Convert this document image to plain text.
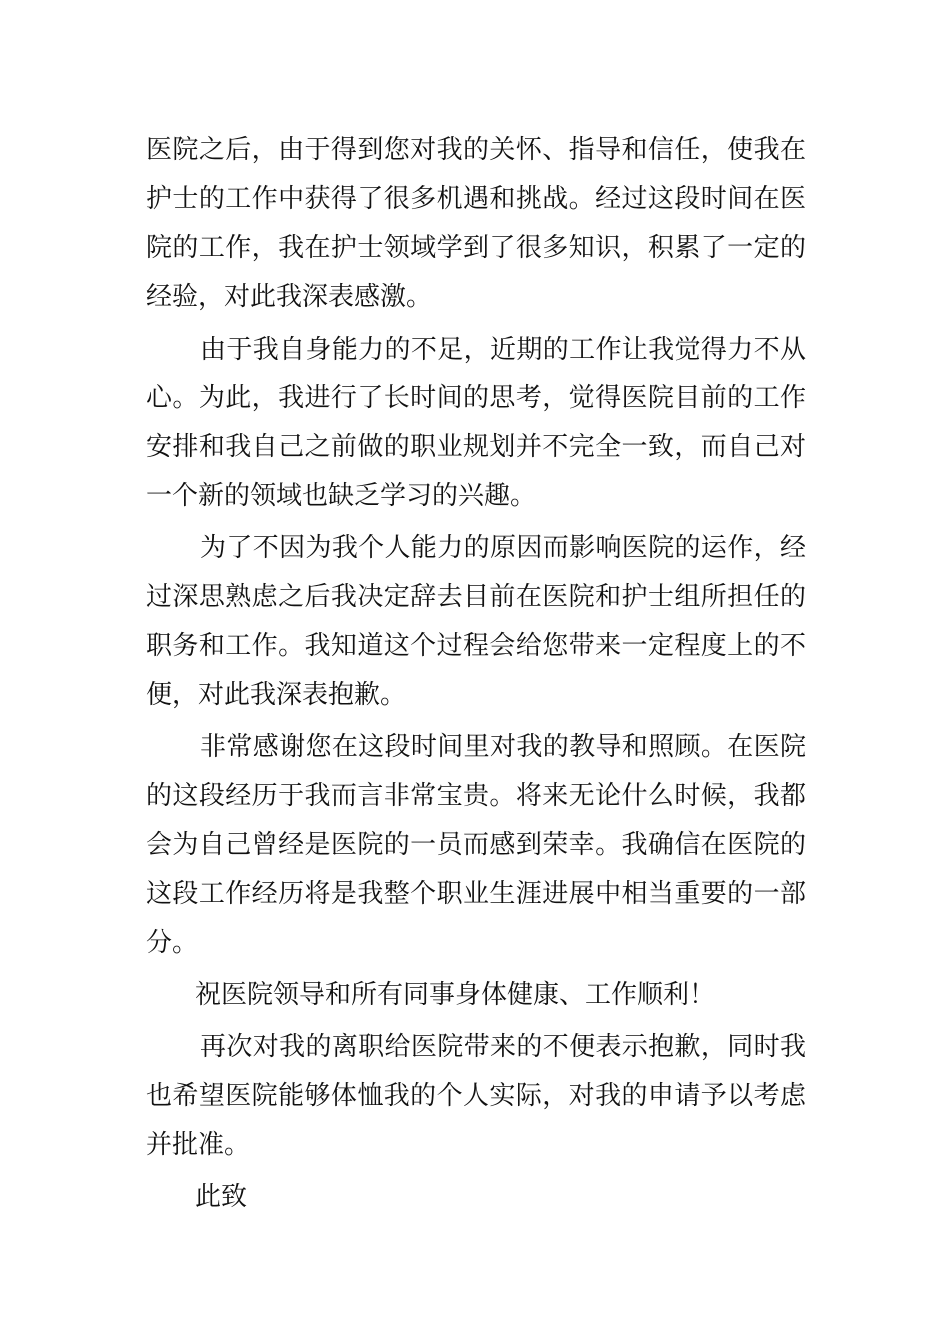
医院之后，由于得到您对我的关怀、指导和信任，使我在
护士的工作中获得了很多机遇和挑战。经过这段时间在医
院的工作，我在护士领域学到了很多知识，积累了一定的
经验，对此我深表感激。
由于我自身能力的不足，近期的工作让我觉得力不从
心。为此，我进行了长时间的思考，觉得医院目前的工作
安排和我自己之前做的职业规划并不完全一致，而自己对
一个新的领域也缺乏学习的兴趣。
为了不因为我个人能力的原因而影响医院的运作，经
过深思熟虑之后我决定辞去目前在医院和护士组所担任的
职务和工作。我知道这个过程会给您带来一定程度上的不
便，对此我深表抱歉。
非常感谢您在这段时间里对我的教导和照顾。在医院
的这段经历于我而言非常宝贵。将来无论什么时候，我都
会为自己曾经是医院的一员而感到荣幸。我确信在医院的
这段工作经历将是我整个职业生涯进展中相当重要的一部
分。
祝医院领导和所有同事身体健康、工作顺利！
再次对我的离职给医院带来的不便表示抱歉，同时我
也希望医院能够体恤我的个人实际，对我的申请予以考虑
并批准。
此致
